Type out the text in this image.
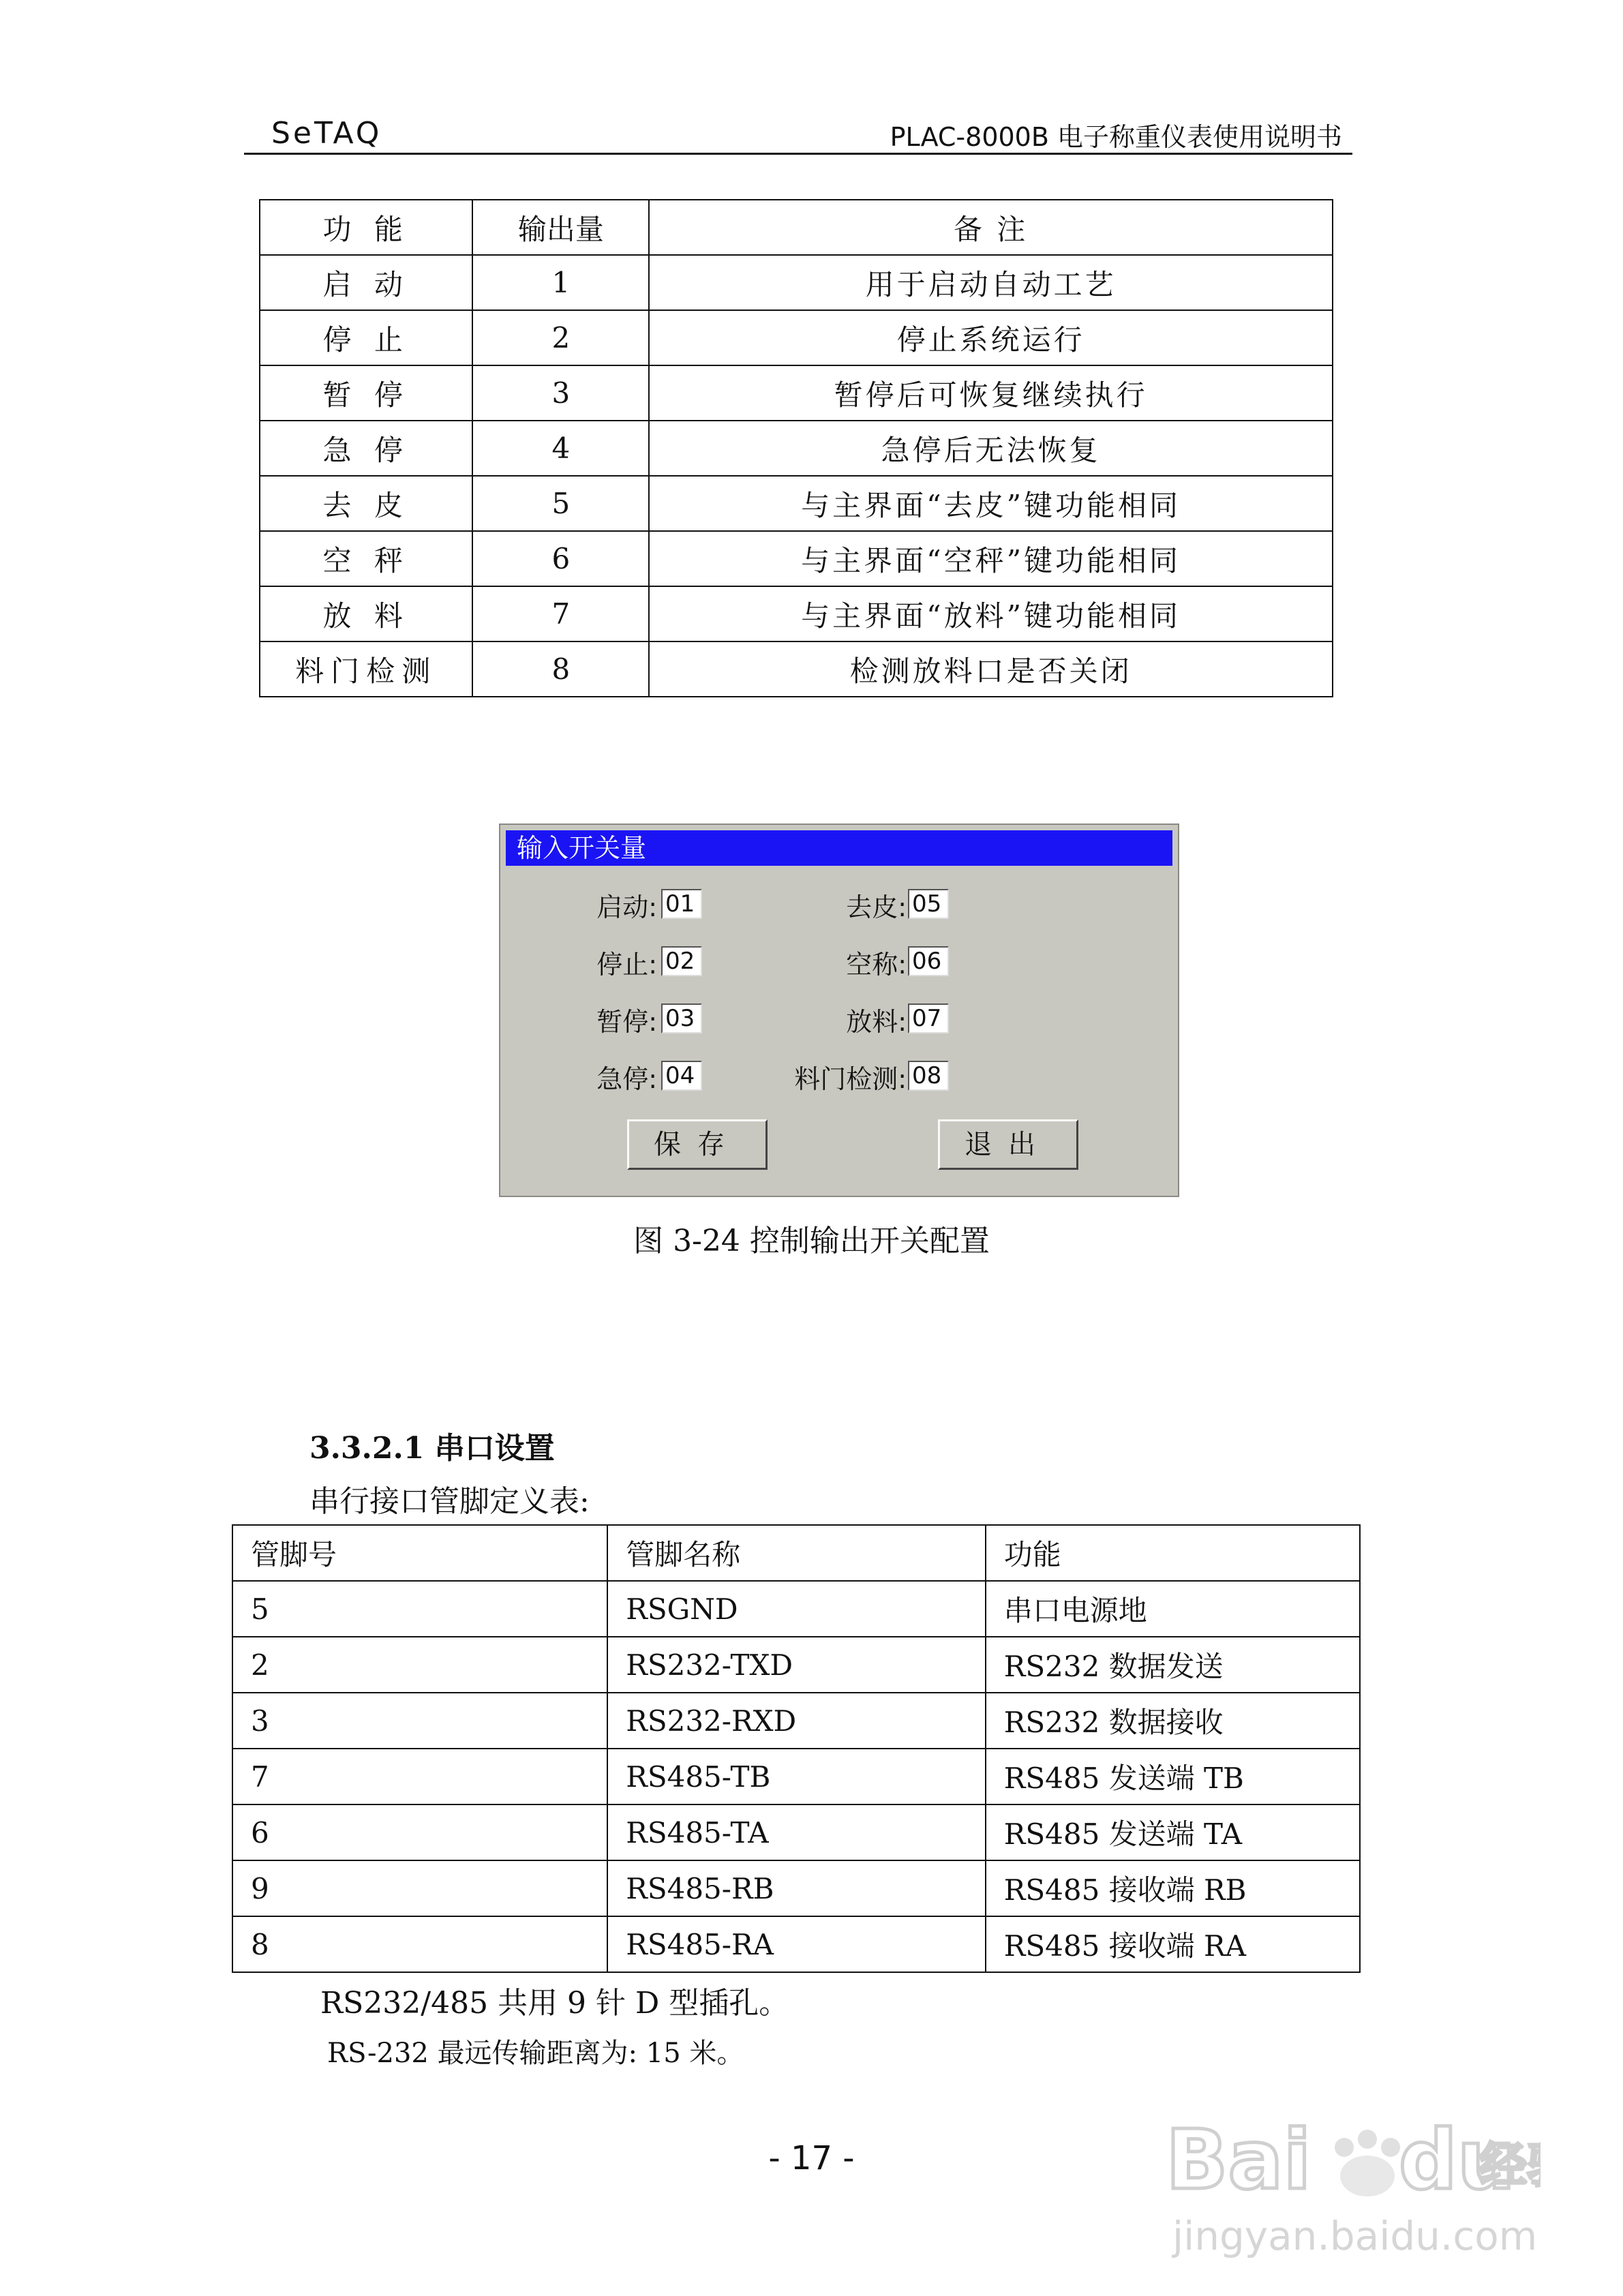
SeTAQ	PLAC-8000B 电子称重仪表使用说明书
功 能	输出量	备 注
启 动	1	用于启动自动工艺
停 止	2	停止系统运行
暂 停	3	暂停后可恢复继续执行
急 停	4	急停后无法恢复
去 皮	5	与主界面“去皮”键功能相同
空 秤	6	与主界面“空秤”键功能相同
放 料	7	与主界面“放料”键功能相同
料门检测	8	检测放料口是否关闭
输入开关量
启动: 01
停止: 02
暂停: 03
急停: 04
去皮: 05
空称: 06
放料: 07
料门检测: 08
保存	退出
图 3-24 控制输出开关配置
3.3.2.1 串口设置
串行接口管脚定义表:
管脚号	管脚名称	功能
5	RSGND	串口电源地
2	RS232-TXD	RS232 数据发送
3	RS232-RXD	RS232 数据接收
7	RS485-TB	RS485 发送端 TB
6	RS485-TA	RS485 发送端 TA
9	RS485-RB	RS485 接收端 RB
8	RS485-RA	RS485 接收端 RA
RS232/485 共用 9 针 D 型插孔。
RS-232 最远传输距离为: 15 米。
- 17 -	Bai du
经
jingyan.baidu.com
